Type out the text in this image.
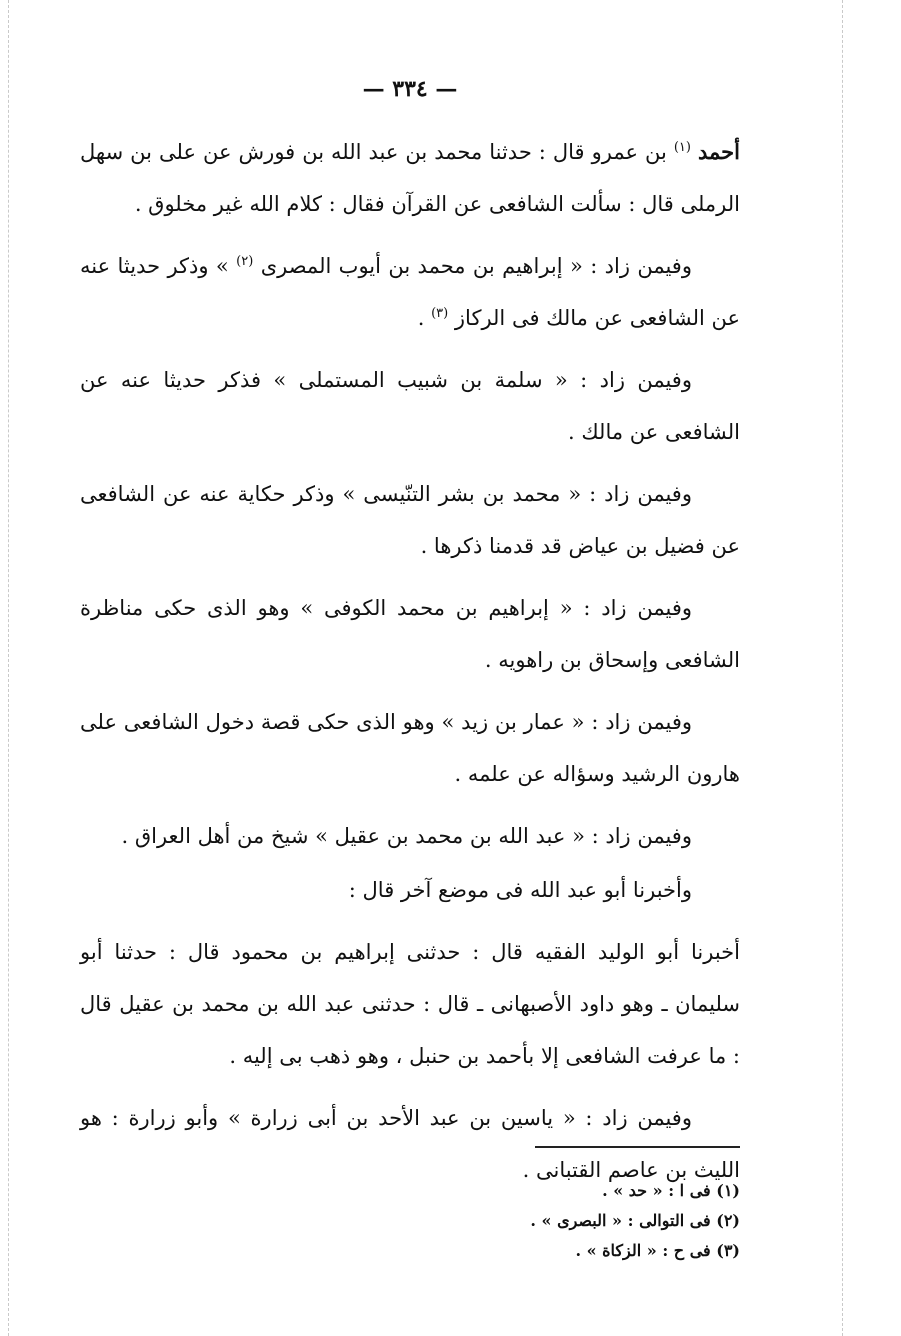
— ٣٣٤ —

أحمد $^{(١)}$ بن عمرو قال : حدثنا محمد بن عبد الله بن فورش عن على بن سهل الرملى قال : سألت الشافعى عن القرآن فقال : كلام الله غير مخلوق .

وفيمن زاد : « إبراهيم بن محمد بن أيوب المصرى $^{(٢)}$ » وذكر حديثا عنه عن الشافعى عن مالك فى الركاز $^{(٣)}$ .

وفيمن زاد : « سلمة بن شبيب المستملى » فذكر حديثا عنه عن الشافعى عن مالك .

وفيمن زاد : « محمد بن بشر التنّيسى » وذكر حكاية عنه عن الشافعى عن فضيل بن عياض قد قدمنا ذكرها .

وفيمن زاد : « إبراهيم بن محمد الكوفى » وهو الذى حكى مناظرة الشافعى وإسحاق بن راهويه .

وفيمن زاد : « عمار بن زيد » وهو الذى حكى قصة دخول الشافعى على هارون الرشيد وسؤاله عن علمه .

وفيمن زاد : « عبد الله بن محمد بن عقيل » شيخ من أهل العراق .

وأخبرنا أبو عبد الله فى موضع آخر قال :

أخبرنا أبو الوليد الفقيه قال : حدثنى إبراهيم بن محمود قال : حدثنا أبو سليمان ـ وهو داود الأصبهانى ـ قال : حدثنى عبد الله بن محمد بن عقيل قال : ما عرفت الشافعى إلا بأحمد بن حنبل ، وهو ذهب بى إليه .

وفيمن زاد : « ياسين بن عبد الأحد بن أبى زرارة » وأبو زرارة : هو الليث بن عاصم القتبانى .

(١) فى ا : « حد » .
(٢) فى التوالى : « البصرى » .
(٣) فى ح : « الزكاة » .
